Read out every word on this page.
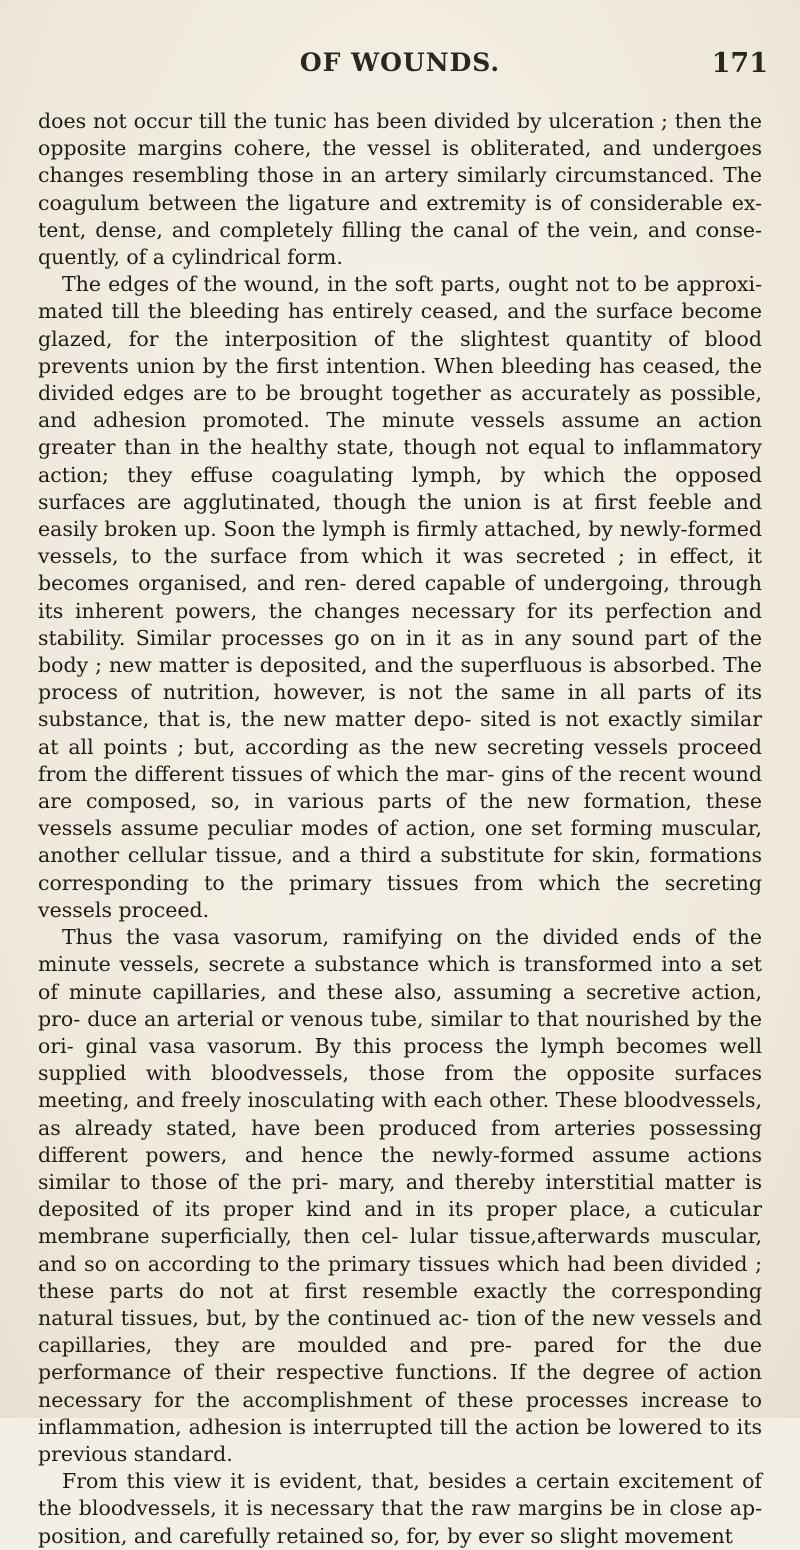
OF WOUNDS.	171

does not occur till the tunic has been divided by ulceration ; then the opposite margins cohere, the vessel is obliterated, and undergoes changes resembling those in an artery similarly circumstanced. The coagulum between the ligature and extremity is of considerable ex- tent, dense, and completely filling the canal of the vein, and conse- quently, of a cylindrical form.

The edges of the wound, in the soft parts, ought not to be approxi- mated till the bleeding has entirely ceased, and the surface become glazed, for the interposition of the slightest quantity of blood prevents union by the first intention. When bleeding has ceased, the divided edges are to be brought together as accurately as possible, and adhesion promoted. The minute vessels assume an action greater than in the healthy state, though not equal to inflammatory action; they effuse coagulating lymph, by which the opposed surfaces are agglutinated, though the union is at first feeble and easily broken up. Soon the lymph is firmly attached, by newly-formed vessels, to the surface from which it was secreted ; in effect, it becomes organised, and ren- dered capable of undergoing, through its inherent powers, the changes necessary for its perfection and stability. Similar processes go on in it as in any sound part of the body ; new matter is deposited, and the superfluous is absorbed. The process of nutrition, however, is not the same in all parts of its substance, that is, the new matter depo- sited is not exactly similar at all points ; but, according as the new secreting vessels proceed from the different tissues of which the mar- gins of the recent wound are composed, so, in various parts of the new formation, these vessels assume peculiar modes of action, one set forming muscular, another cellular tissue, and a third a substitute for skin, formations corresponding to the primary tissues from which the secreting vessels proceed.

Thus the vasa vasorum, ramifying on the divided ends of the minute vessels, secrete a substance which is transformed into a set of minute capillaries, and these also, assuming a secretive action, pro- duce an arterial or venous tube, similar to that nourished by the ori- ginal vasa vasorum. By this process the lymph becomes well supplied with bloodvessels, those from the opposite surfaces meeting, and freely inosculating with each other. These bloodvessels, as already stated, have been produced from arteries possessing different powers, and hence the newly-formed assume actions similar to those of the pri- mary, and thereby interstitial matter is deposited of its proper kind and in its proper place, a cuticular membrane superficially, then cel- lular tissue,afterwards muscular, and so on according to the primary tissues which had been divided ; these parts do not at first resemble exactly the corresponding natural tissues, but, by the continued ac- tion of the new vessels and capillaries, they are moulded and pre- pared for the due performance of their respective functions. If the degree of action necessary for the accomplishment of these processes increase to inflammation, adhesion is interrupted till the action be lowered to its previous standard.

From this view it is evident, that, besides a certain excitement of the bloodvessels, it is necessary that the raw margins be in close ap- position, and carefully retained so, for, by ever so slight movement
